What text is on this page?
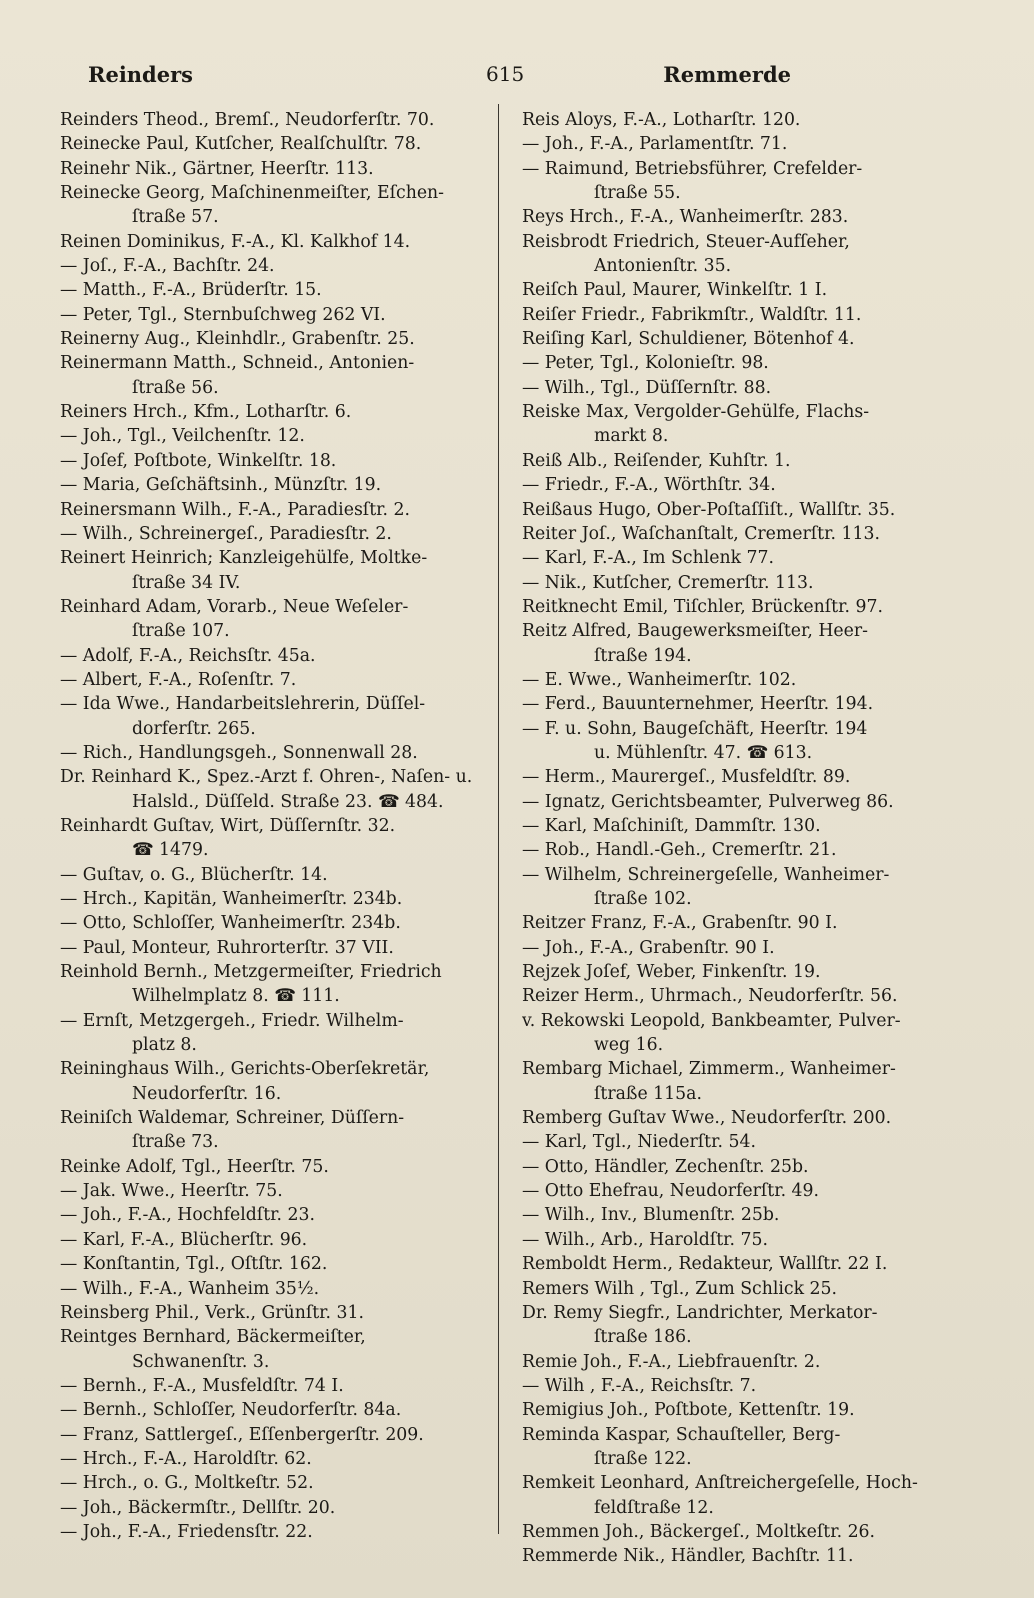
Reinders	615	Remmerde
Reinders Theod., Bremſ., Neudorferſtr. 70.
Reinecke Paul, Kutſcher, Realſchulſtr. 78.
Reinehr Nik., Gärtner, Heerſtr. 113.
Reinecke Georg, Maſchinenmeiſter, Eſchen-
ſtraße 57.
Reinen Dominikus, F.-A., Kl. Kalkhof 14.
— Joſ., F.-A., Bachſtr. 24.
— Matth., F.-A., Brüderſtr. 15.
— Peter, Tgl., Sternbuſchweg 262 VI.
Reinerny Aug., Kleinhdlr., Grabenſtr. 25.
Reinermann Matth., Schneid., Antonien-
ſtraße 56.
Reiners Hrch., Kfm., Lotharſtr. 6.
— Joh., Tgl., Veilchenſtr. 12.
— Joſef, Poſtbote, Winkelſtr. 18.
— Maria, Geſchäftsinh., Münzſtr. 19.
Reinersmann Wilh., F.-A., Paradiesſtr. 2.
— Wilh., Schreinergeſ., Paradiesſtr. 2.
Reinert Heinrich; Kanzleigehülfe, Moltke-
ſtraße 34 IV.
Reinhard Adam, Vorarb., Neue Weſeler-
ſtraße 107.
— Adolf, F.-A., Reichsſtr. 45a.
— Albert, F.-A., Roſenſtr. 7.
— Ida Wwe., Handarbeitslehrerin, Düſſel-
dorferſtr. 265.
— Rich., Handlungsgeh., Sonnenwall 28.
Dr. Reinhard K., Spez.-Arzt f. Ohren-, Naſen- u.
Halsld., Düſſeld. Straße 23. ☎ 484.
Reinhardt Guſtav, Wirt, Düſſernſtr. 32.
☎ 1479.
— Guſtav, o. G., Blücherſtr. 14.
— Hrch., Kapitän, Wanheimerſtr. 234b.
— Otto, Schloſſer, Wanheimerſtr. 234b.
— Paul, Monteur, Ruhrorterſtr. 37 VII.
Reinhold Bernh., Metzgermeiſter, Friedrich
Wilhelmplatz 8. ☎ 111.
— Ernſt, Metzgergeh., Friedr. Wilhelm-
platz 8.
Reininghaus Wilh., Gerichts-Oberſekretär,
Neudorferſtr. 16.
Reiniſch Waldemar, Schreiner, Düſſern-
ſtraße 73.
Reinke Adolf, Tgl., Heerſtr. 75.
— Jak. Wwe., Heerſtr. 75.
— Joh., F.-A., Hochfeldſtr. 23.
— Karl, F.-A., Blücherſtr. 96.
— Konſtantin, Tgl., Oſtſtr. 162.
— Wilh., F.-A., Wanheim 35½.
Reinsberg Phil., Verk., Grünſtr. 31.
Reintges Bernhard, Bäckermeiſter,
Schwanenſtr. 3.
— Bernh., F.-A., Musfeldſtr. 74 I.
— Bernh., Schloſſer, Neudorferſtr. 84a.
— Franz, Sattlergeſ., Eſſenbergerſtr. 209.
— Hrch., F.-A., Haroldſtr. 62.
— Hrch., o. G., Moltkeſtr. 52.
— Joh., Bäckermſtr., Dellſtr. 20.
— Joh., F.-A., Friedensſtr. 22.
Reis Aloys, F.-A., Lotharſtr. 120.
— Joh., F.-A., Parlamentſtr. 71.
— Raimund, Betriebsführer, Crefelder-
ſtraße 55.
Reys Hrch., F.-A., Wanheimerſtr. 283.
Reisbrodt Friedrich, Steuer-Aufſeher,
Antonienſtr. 35.
Reiſch Paul, Maurer, Winkelſtr. 1 I.
Reiſer Friedr., Fabrikmſtr., Waldſtr. 11.
Reiſing Karl, Schuldiener, Bötenhof 4.
— Peter, Tgl., Kolonieſtr. 98.
— Wilh., Tgl., Düſſernſtr. 88.
Reiske Max, Vergolder-Gehülfe, Flachs-
markt 8.
Reiß Alb., Reiſender, Kuhſtr. 1.
— Friedr., F.-A., Wörthſtr. 34.
Reißaus Hugo, Ober-Poſtaſſiſt., Wallſtr. 35.
Reiter Joſ., Waſchanſtalt, Cremerſtr. 113.
— Karl, F.-A., Im Schlenk 77.
— Nik., Kutſcher, Cremerſtr. 113.
Reitknecht Emil, Tiſchler, Brückenſtr. 97.
Reitz Alfred, Baugewerksmeiſter, Heer-
ſtraße 194.
— E. Wwe., Wanheimerſtr. 102.
— Ferd., Bauunternehmer, Heerſtr. 194.
— F. u. Sohn, Baugeſchäft, Heerſtr. 194
u. Mühlenſtr. 47. ☎ 613.
— Herm., Maurergeſ., Musfeldſtr. 89.
— Ignatz, Gerichtsbeamter, Pulverweg 86.
— Karl, Maſchiniſt, Dammſtr. 130.
— Rob., Handl.-Geh., Cremerſtr. 21.
— Wilhelm, Schreinergeſelle, Wanheimer-
ſtraße 102.
Reitzer Franz, F.-A., Grabenſtr. 90 I.
— Joh., F.-A., Grabenſtr. 90 I.
Rejzek Joſef, Weber, Finkenſtr. 19.
Reizer Herm., Uhrmach., Neudorferſtr. 56.
v. Rekowski Leopold, Bankbeamter, Pulver-
weg 16.
Rembarg Michael, Zimmerm., Wanheimer-
ſtraße 115a.
Remberg Guſtav Wwe., Neudorferſtr. 200.
— Karl, Tgl., Niederſtr. 54.
— Otto, Händler, Zechenſtr. 25b.
— Otto Ehefrau, Neudorferſtr. 49.
— Wilh., Inv., Blumenſtr. 25b.
— Wilh., Arb., Haroldſtr. 75.
Remboldt Herm., Redakteur, Wallſtr. 22 I.
Remers Wilh , Tgl., Zum Schlick 25.
Dr. Remy Siegfr., Landrichter, Merkator-
ſtraße 186.
Remie Joh., F.-A., Liebfrauenſtr. 2.
— Wilh , F.-A., Reichsſtr. 7.
Remigius Joh., Poſtbote, Kettenſtr. 19.
Reminda Kaspar, Schauſteller, Berg-
ſtraße 122.
Remkeit Leonhard, Anſtreichergeſelle, Hoch-
feldſtraße 12.
Remmen Joh., Bäckergeſ., Moltkeſtr. 26.
Remmerde Nik., Händler, Bachſtr. 11.
